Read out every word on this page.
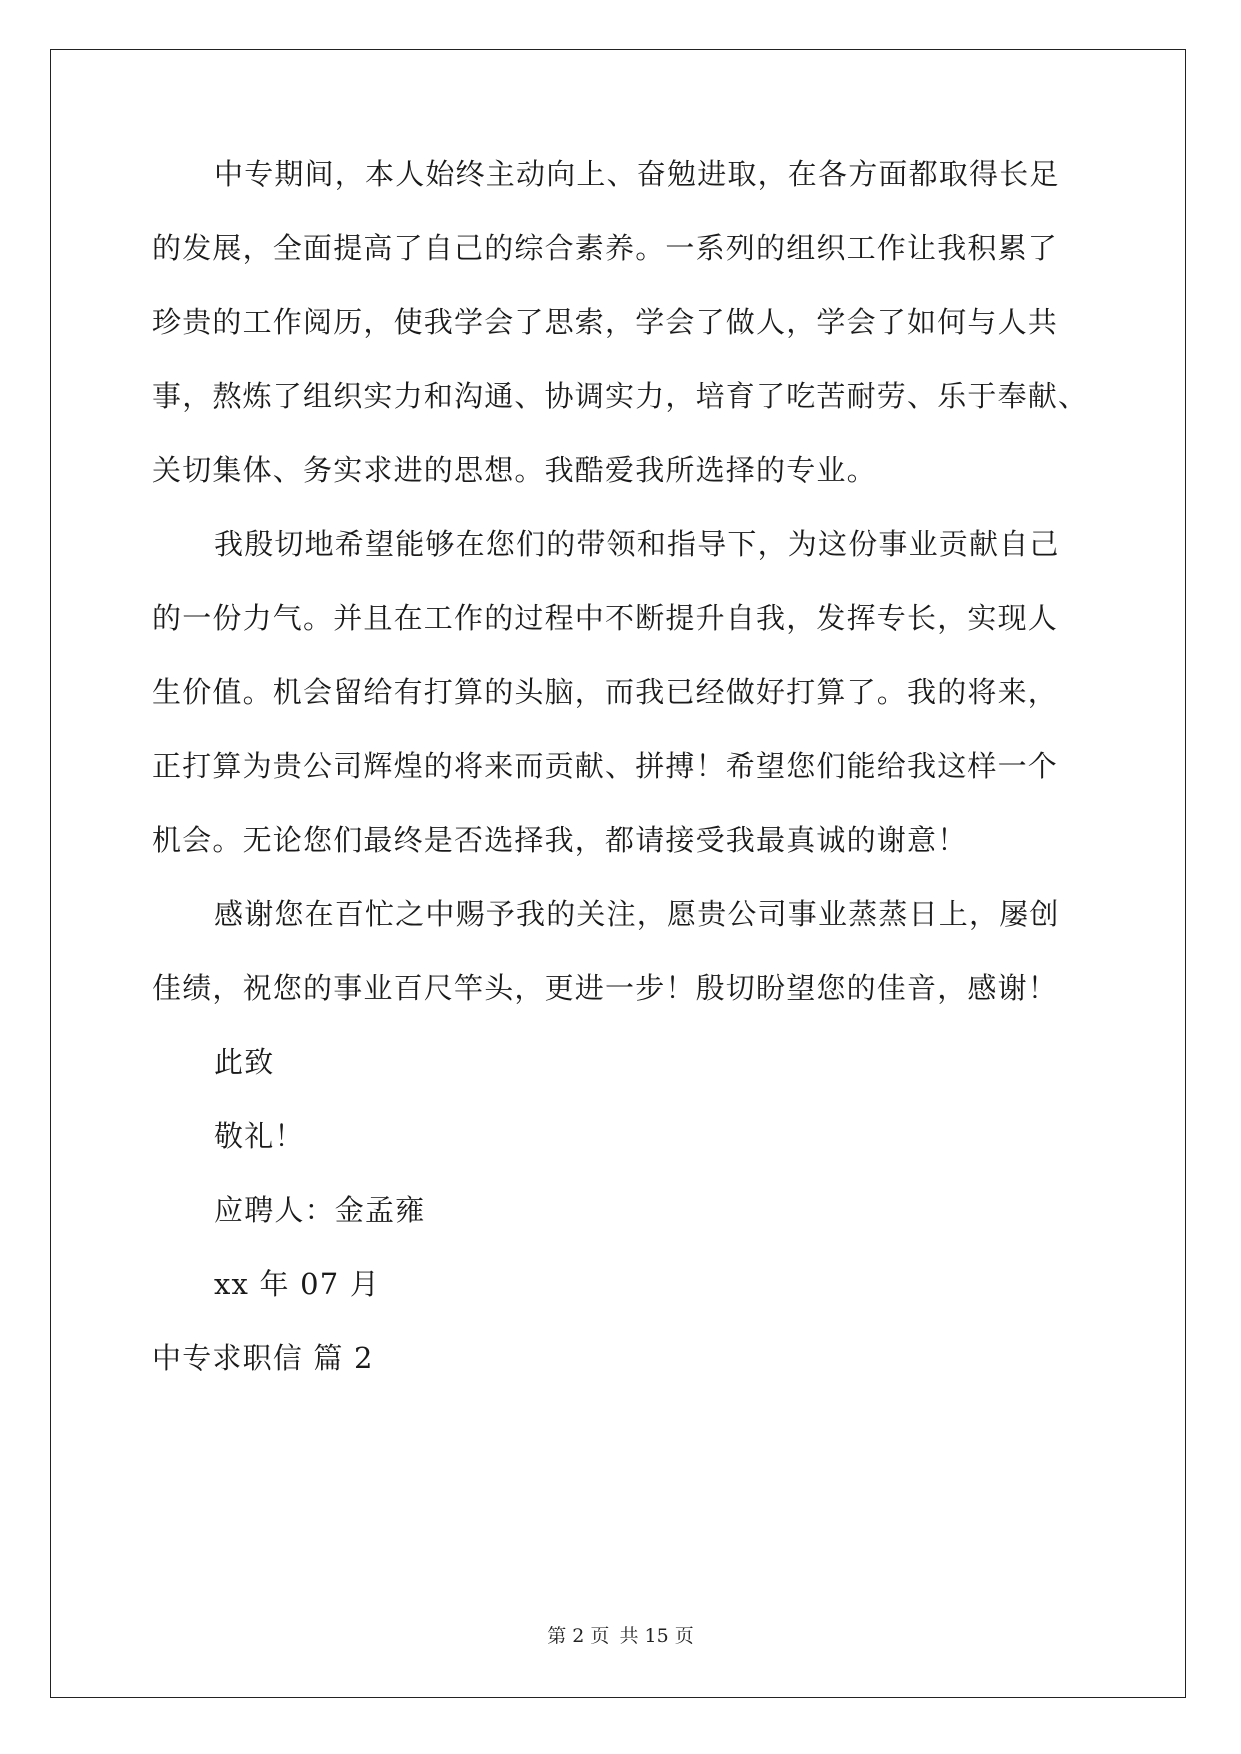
中专期间，本人始终主动向上、奋勉进取，在各方面都取得长足
的发展，全面提高了自己的综合素养。一系列的组织工作让我积累了
珍贵的工作阅历，使我学会了思索，学会了做人，学会了如何与人共
事，熬炼了组织实力和沟通、协调实力，培育了吃苦耐劳、乐于奉献、
关切集体、务实求进的思想。我酷爱我所选择的专业。
我殷切地希望能够在您们的带领和指导下，为这份事业贡献自己
的一份力气。并且在工作的过程中不断提升自我，发挥专长，实现人
生价值。机会留给有打算的头脑，而我已经做好打算了。我的将来，
正打算为贵公司辉煌的将来而贡献、拼搏！希望您们能给我这样一个
机会。无论您们最终是否选择我，都请接受我最真诚的谢意！
感谢您在百忙之中赐予我的关注，愿贵公司事业蒸蒸日上，屡创
佳绩，祝您的事业百尺竿头，更进一步！殷切盼望您的佳音，感谢！
此致
敬礼！
应聘人：金孟雍
xx 年 07 月
中专求职信 篇 2
第 2 页 共 15 页
